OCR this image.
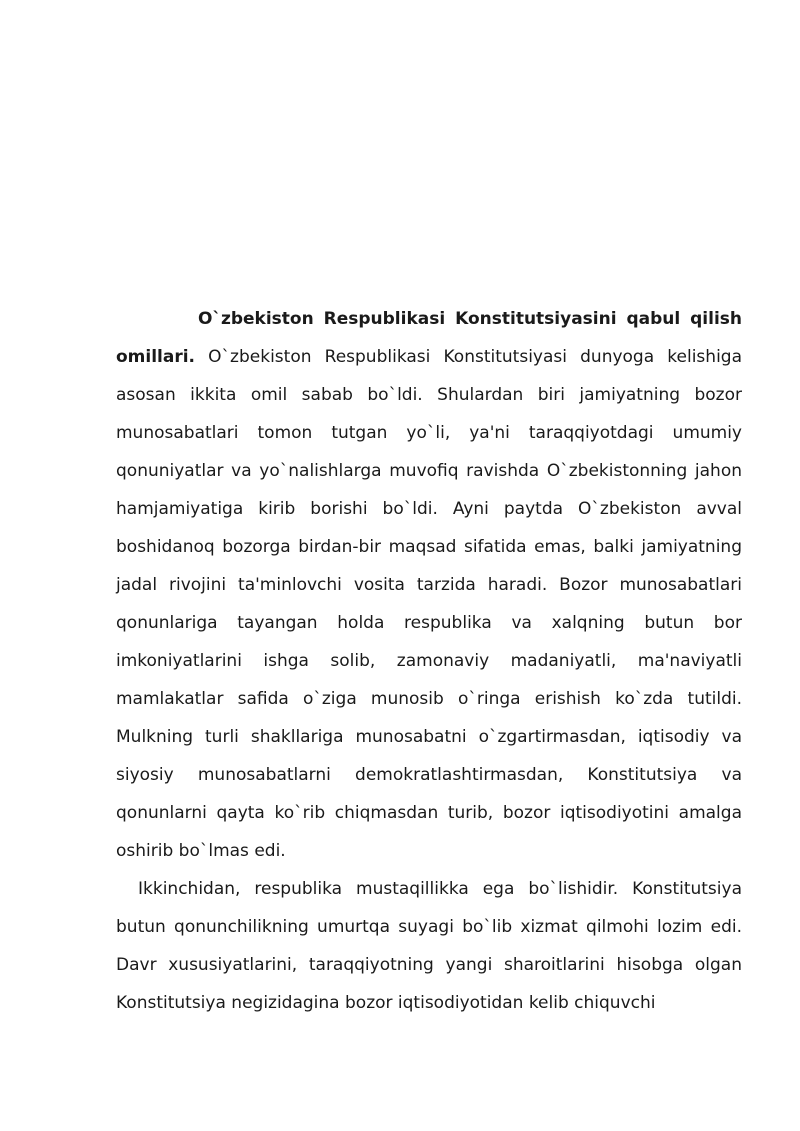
O`zbekiston Respublikasi Konstitutsiyasini qabul qilish omillari. O`zbekiston Respublikasi Konstitutsiyasi dunyoga kelishiga asosan ikkita omil sabab bo`ldi. Shulardan biri jamiyatning bozor munosabatlari tomon tutgan yo`li, ya'ni taraqqiyotdagi umumiy qonuniyatlar va yo`nalishlarga muvofiq ravishda O`zbekistonning jahon hamjamiyatiga kirib borishi bo`ldi. Ayni paytda O`zbekiston avval boshidanoq bozorga birdan-bir maqsad sifatida emas, balki jamiyatning jadal rivojini ta'minlovchi vosita tarzida haradi. Bozor munosabatlari qonunlariga tayangan holda respublika va xalqning butun bor imkoniyatlarini ishga solib, zamonaviy madaniyatli, ma'naviyatli mamlakatlar safida o`ziga munosib o`ringa erishish ko`zda tutildi. Mulkning turli shakllariga munosabatni o`zgartirmasdan, iqtisodiy va siyosiy munosabatlarni demokratlashtirmasdan, Konstitutsiya va qonunlarni qayta ko`rib chiqmasdan turib, bozor iqtisodiyotini amalga oshirib bo`lmas edi.

Ikkinchidan, respublika mustaqillikka ega bo`lishidir. Konstitutsiya butun qonunchilikning umurtqa suyagi bo`lib xizmat qilmohi lozim edi. Davr xususiyatlarini, taraqqiyotning yangi sharoitlarini hisobga olgan Konstitutsiya negizidagina bozor iqtisodiyotidan kelib chiquvchi
